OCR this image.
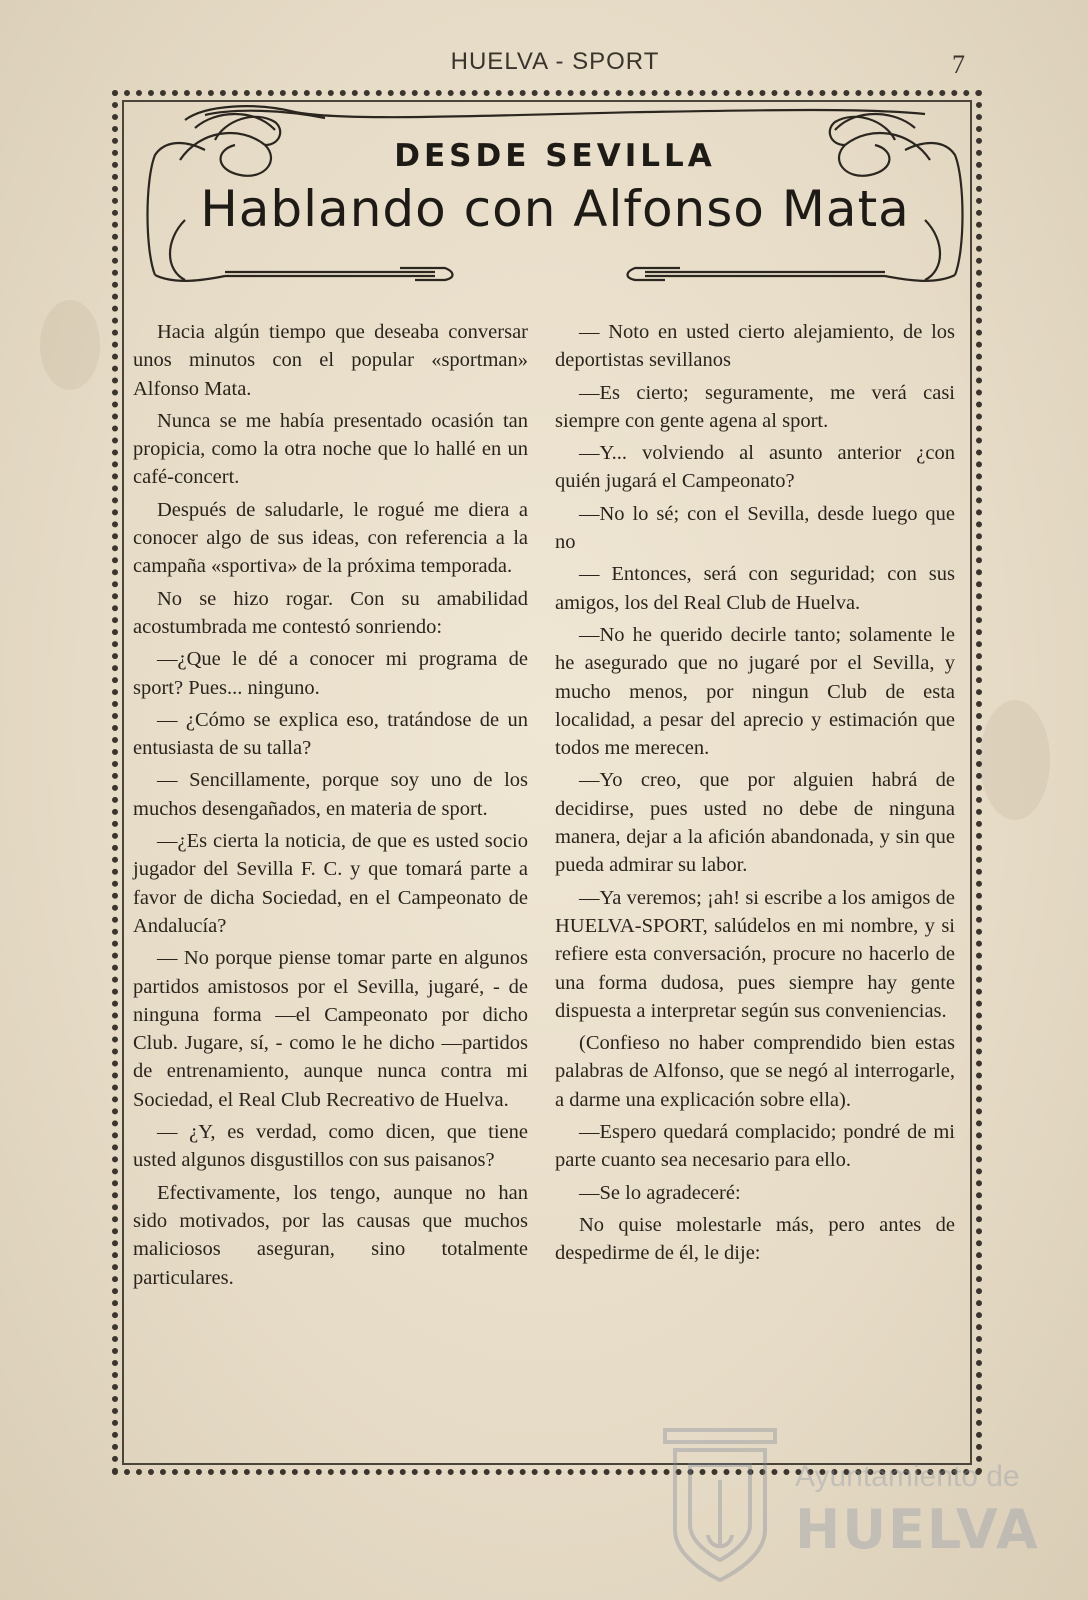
HUELVA - SPORT	7
DESDE SEVILLA
Hablando con Alfonso Mata

Hacia algún tiempo que deseaba conversar unos minutos con el popular «sportman» Alfonso Mata.

Nunca se me había presentado ocasión tan propicia, como la otra noche que lo hallé en un café-concert.

Después de saludarle, le rogué me diera a conocer algo de sus ideas, con referencia a la campaña «sportiva» de la próxima temporada.

No se hizo rogar. Con su amabilidad acostumbrada me contestó sonriendo:

—¿Que le dé a conocer mi programa de sport? Pues... ninguno.

— ¿Cómo se explica eso, tratándose de un entusiasta de su talla?

— Sencillamente, porque soy uno de los muchos desengañados, en materia de sport.

—¿Es cierta la noticia, de que es usted socio jugador del Sevilla F. C. y que tomará parte a favor de dicha Sociedad, en el Campeonato de Andalucía?

— No porque piense tomar parte en algunos partidos amistosos por el Sevilla, jugaré, - de ninguna forma —el Campeonato por dicho Club. Jugare, sí, - como le he dicho —partidos de entrenamiento, aunque nunca contra mi Sociedad, el Real Club Recreativo de Huelva.

— ¿Y, es verdad, como dicen, que tiene usted algunos disgustillos con sus paisanos?

Efectivamente, los tengo, aunque no han sido motivados, por las causas que muchos maliciosos aseguran, sino totalmente particulares.

— Noto en usted cierto alejamiento, de los deportistas sevillanos

—Es cierto; seguramente, me verá casi siempre con gente agena al sport.

—Y... volviendo al asunto anterior ¿con quién jugará el Campeonato?

—No lo sé; con el Sevilla, desde luego que no

— Entonces, será con seguridad; con sus amigos, los del Real Club de Huelva.

—No he querido decirle tanto; solamente le he asegurado que no jugaré por el Sevilla, y mucho menos, por ningun Club de esta localidad, a pesar del aprecio y estimación que todos me merecen.

—Yo creo, que por alguien habrá de decidirse, pues usted no debe de ninguna manera, dejar a la afición abandonada, y sin que pueda admirar su labor.

—Ya veremos; ¡ah! si escribe a los amigos de HUELVA-SPORT, salúdelos en mi nombre, y si refiere esta conversación, procure no hacerlo de una forma dudosa, pues siempre hay gente dispuesta a interpretar según sus conveniencias.

(Confieso no haber comprendido bien estas palabras de Alfonso, que se negó al interrogarle, a darme una explicación sobre ella).

—Espero quedará complacido; pondré de mi parte cuanto sea necesario para ello.

—Se lo agradeceré:

No quise molestarle más, pero antes de despedirme de él, le dije:

Ayuntamiento de
HUELVA
